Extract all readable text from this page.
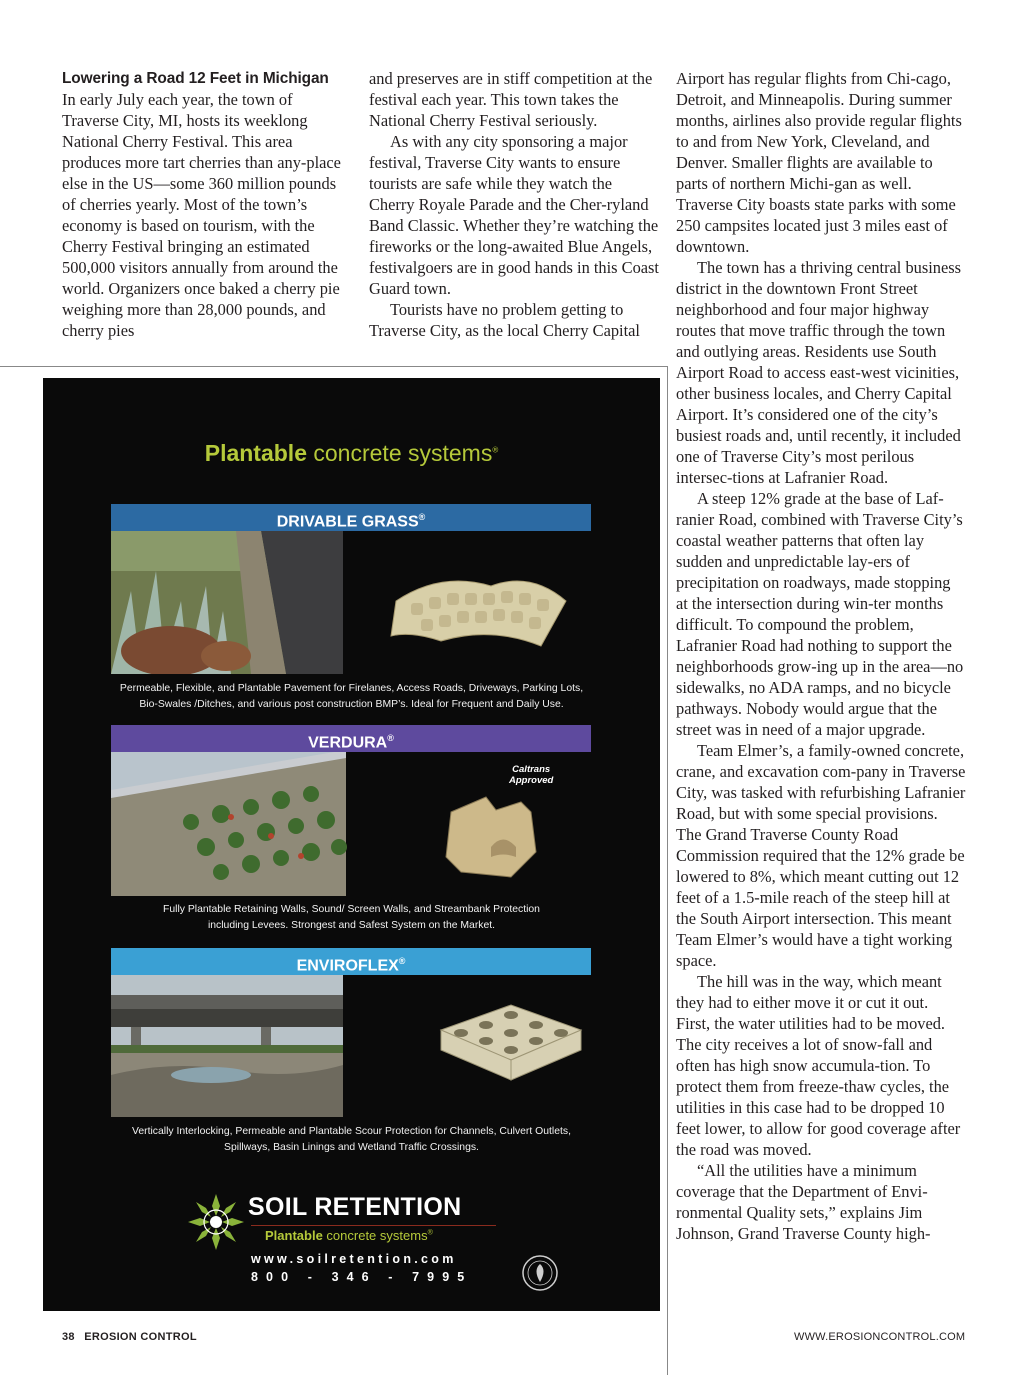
Lowering a Road 12 Feet in Michigan

In early July each year, the town of Traverse City, MI, hosts its weeklong National Cherry Festival. This area produces more tart cherries than any-place else in the US—some 360 million pounds of cherries yearly. Most of the town’s economy is based on tourism, with the Cherry Festival bringing an estimated 500,000 visitors annually from around the world. Organizers once baked a cherry pie weighing more than 28,000 pounds, and cherry pies

and preserves are in stiff competition at the festival each year. This town takes the National Cherry Festival seriously.

As with any city sponsoring a major festival, Traverse City wants to ensure tourists are safe while they watch the Cherry Royale Parade and the Cher-ryland Band Classic. Whether they’re watching the fireworks or the long-awaited Blue Angels, festivalgoers are in good hands in this Coast Guard town.

Tourists have no problem getting to Traverse City, as the local Cherry Capital

Airport has regular flights from Chi-cago, Detroit, and Minneapolis. During summer months, airlines also provide regular flights to and from New York, Cleveland, and Denver. Smaller flights are available to parts of northern Michi-gan as well. Traverse City boasts state parks with some 250 campsites located just 3 miles east of downtown.

The town has a thriving central business district in the downtown Front Street neighborhood and four major highway routes that move traffic through the town and outlying areas. Residents use South Airport Road to access east-west vicinities, other business locales, and Cherry Capital Airport. It’s considered one of the city’s busiest roads and, until recently, it included one of Traverse City’s most perilous intersec-tions at Lafranier Road.

A steep 12% grade at the base of Laf-ranier Road, combined with Traverse City’s coastal weather patterns that often lay sudden and unpredictable lay-ers of precipitation on roadways, made stopping at the intersection during win-ter months difficult. To compound the problem, Lafranier Road had nothing to support the neighborhoods grow-ing up in the area—no sidewalks, no ADA ramps, and no bicycle pathways. Nobody would argue that the street was in need of a major upgrade.

Team Elmer’s, a family-owned concrete, crane, and excavation com-pany in Traverse City, was tasked with refurbishing Lafranier Road, but with some special provisions. The Grand Traverse County Road Commission required that the 12% grade be lowered to 8%, which meant cutting out 12 feet of a 1.5-mile reach of the steep hill at the South Airport intersection. This meant Team Elmer’s would have a tight working space.

The hill was in the way, which meant they had to either move it or cut it out. First, the water utilities had to be moved. The city receives a lot of snow-fall and often has high snow accumula-tion. To protect them from freeze-thaw cycles, the utilities in this case had to be dropped 10 feet lower, to allow for good coverage after the road was moved.

“All the utilities have a minimum coverage that the Department of Envi-ronmental Quality sets,” explains Jim Johnson, Grand Traverse County high-

Plantable concrete systems®
DRIVABLE GRASS®
Permeable, Flexible, and Plantable Pavement for Firelanes, Access Roads, Driveways, Parking Lots,
Bio-Swales /Ditches, and various post construction BMP’s. Ideal for Frequent and Daily Use.
VERDURA®
Caltrans
Approved
Fully Plantable Retaining Walls, Sound/ Screen Walls, and Streambank Protection
including Levees. Strongest and Safest System on the Market.
ENVIROFLEX®
Vertically Interlocking, Permeable and Plantable Scour Protection for Channels, Culvert Outlets,
Spillways, Basin Linings and Wetland Traffic Crossings.
SOIL RETENTION
Plantable concrete systems®
www.soilretention.com
800 - 346 - 7995
38 EROSION CONTROL	WWW.EROSIONCONTROL.COM
